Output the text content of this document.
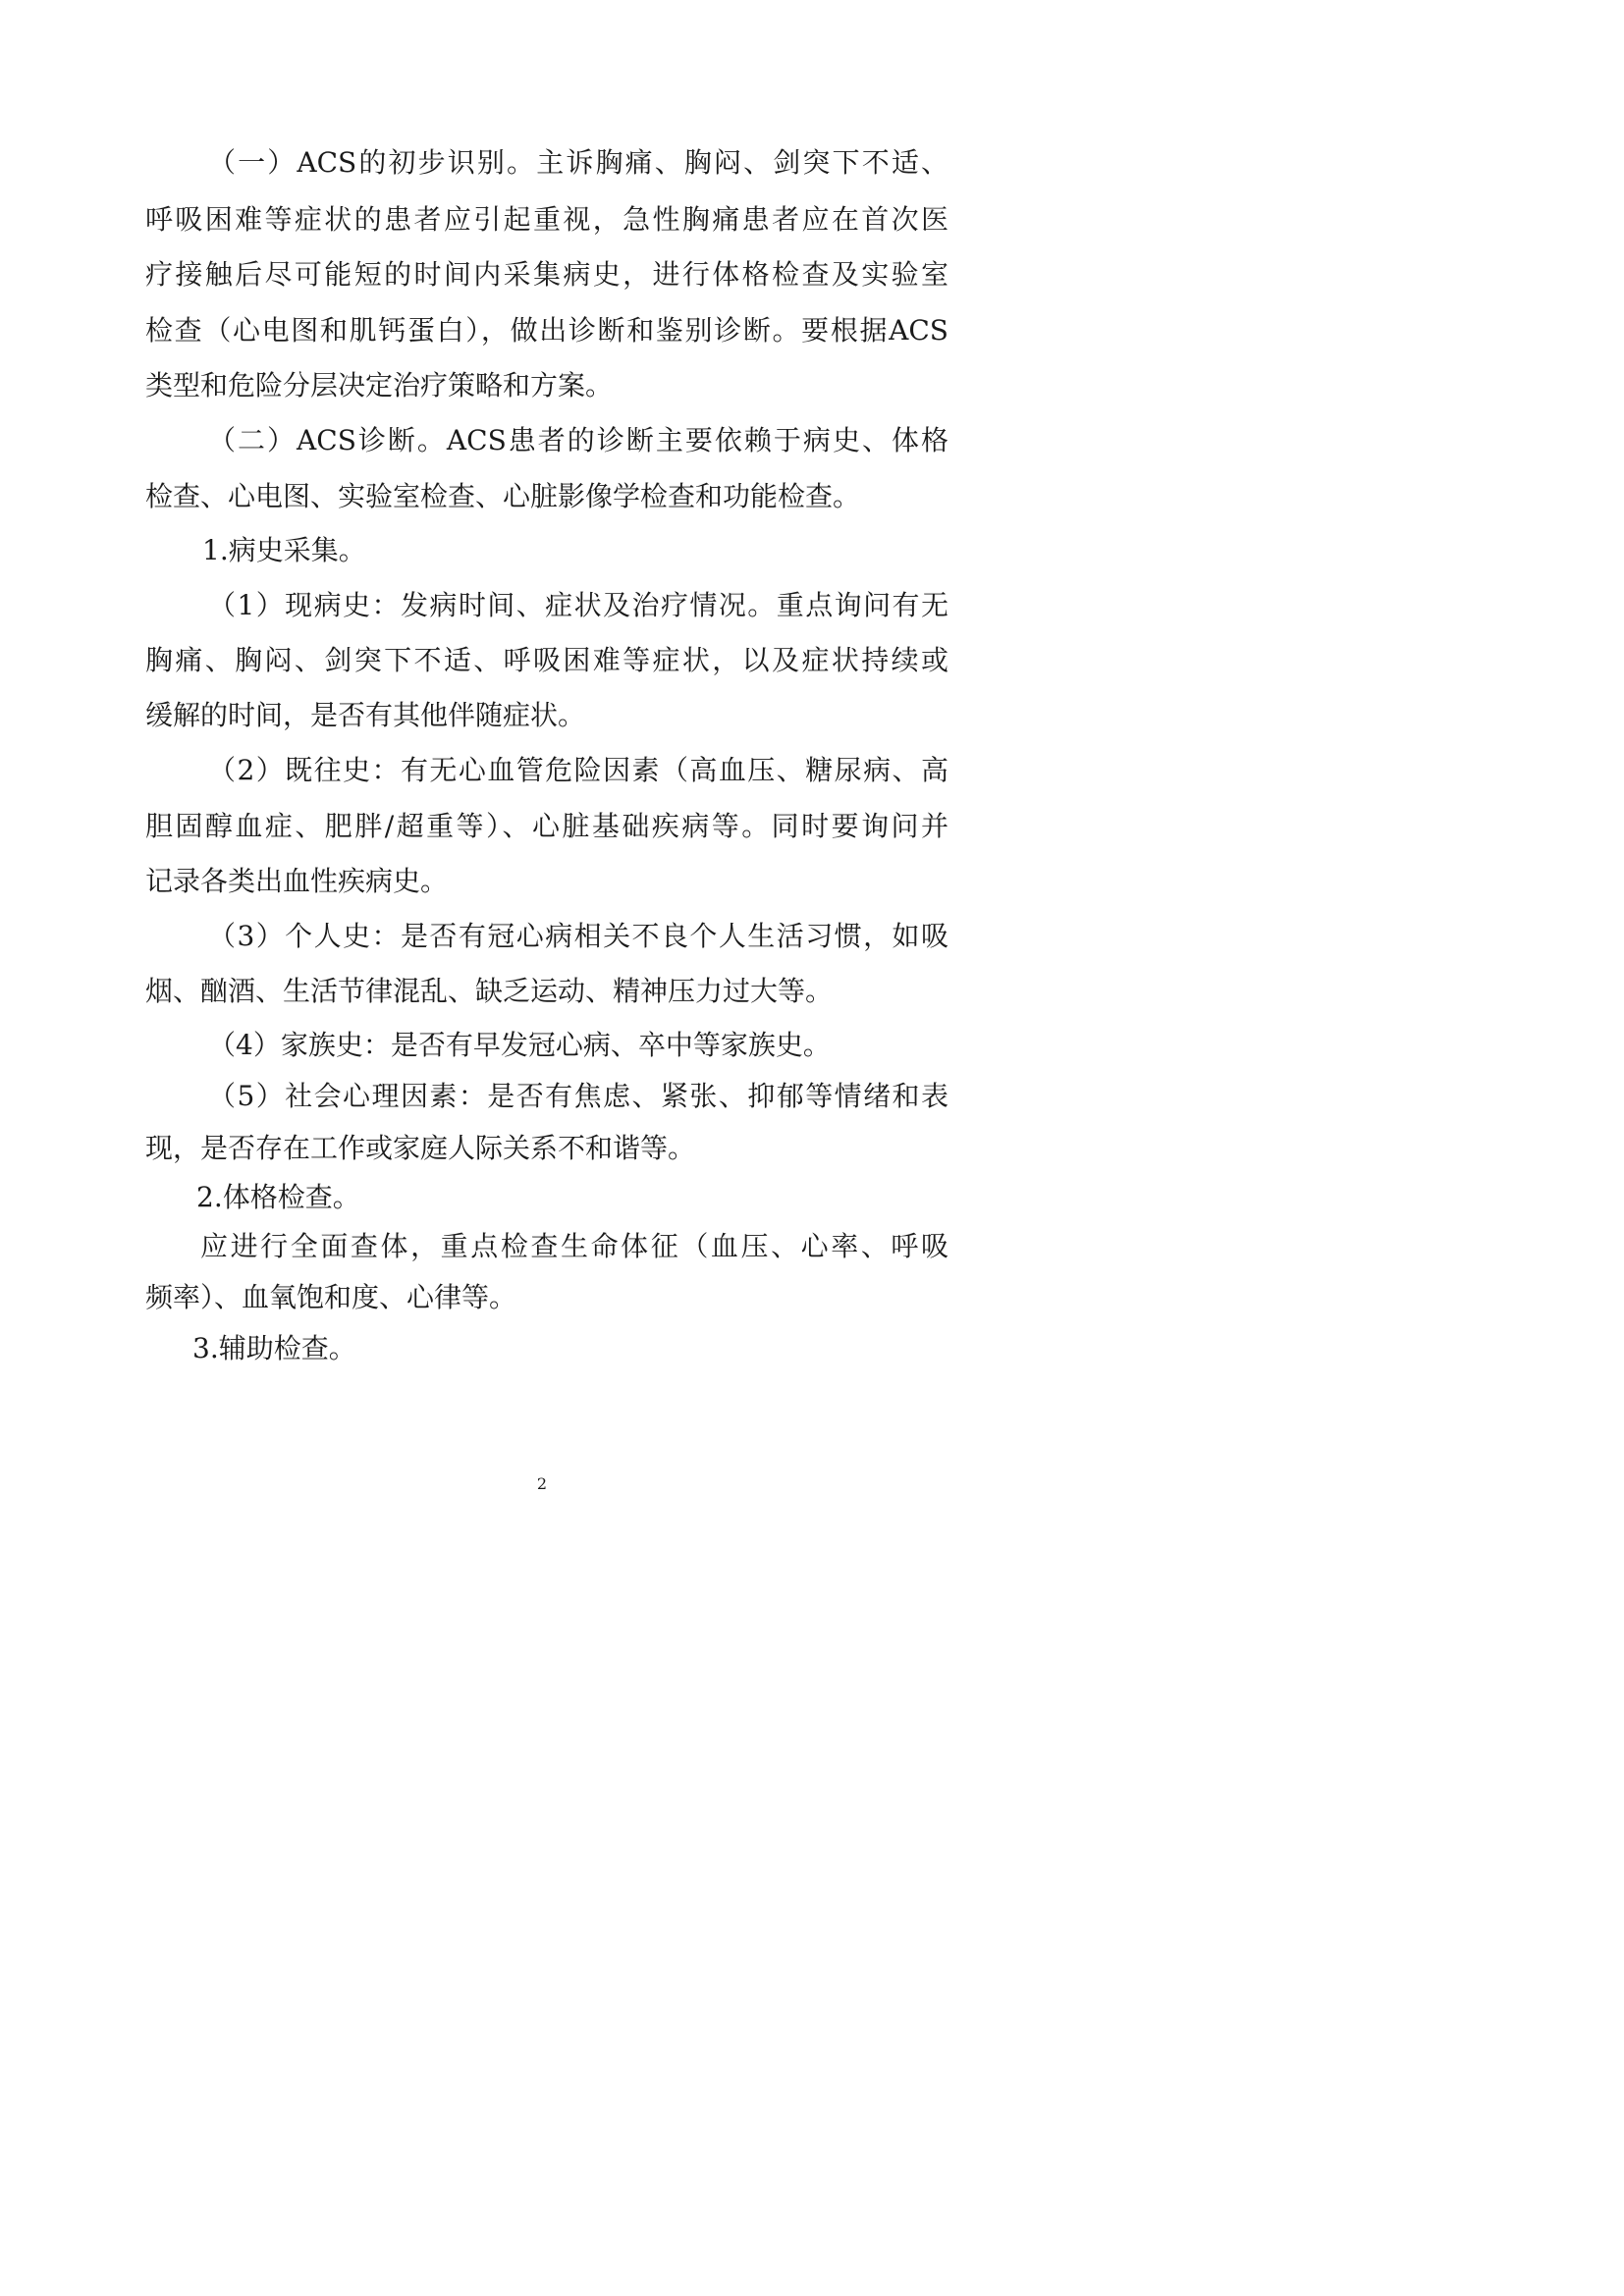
（一）ACS的初步识别。主诉胸痛、胸闷、剑突下不适、
呼吸困难等症状的患者应引起重视，急性胸痛患者应在首次医
疗接触后尽可能短的时间内采集病史，进行体格检查及实验室
检查（心电图和肌钙蛋白），做出诊断和鉴别诊断。要根据ACS
类型和危险分层决定治疗策略和方案。
（二）ACS诊断。ACS患者的诊断主要依赖于病史、体格
检查、心电图、实验室检查、心脏影像学检查和功能检查。
1.病史采集。
（1）现病史：发病时间、症状及治疗情况。重点询问有无
胸痛、胸闷、剑突下不适、呼吸困难等症状，以及症状持续或
缓解的时间，是否有其他伴随症状。
（2）既往史：有无心血管危险因素（高血压、糖尿病、高
胆固醇血症、肥胖/超重等）、心脏基础疾病等。同时要询问并
记录各类出血性疾病史。
（3）个人史：是否有冠心病相关不良个人生活习惯，如吸
烟、酗酒、生活节律混乱、缺乏运动、精神压力过大等。
（4）家族史：是否有早发冠心病、卒中等家族史。
（5）社会心理因素：是否有焦虑、紧张、抑郁等情绪和表
现，是否存在工作或家庭人际关系不和谐等。
2.体格检查。
应进行全面查体，重点检查生命体征（血压、心率、呼吸
频率）、血氧饱和度、心律等。
3.辅助检查。
2
